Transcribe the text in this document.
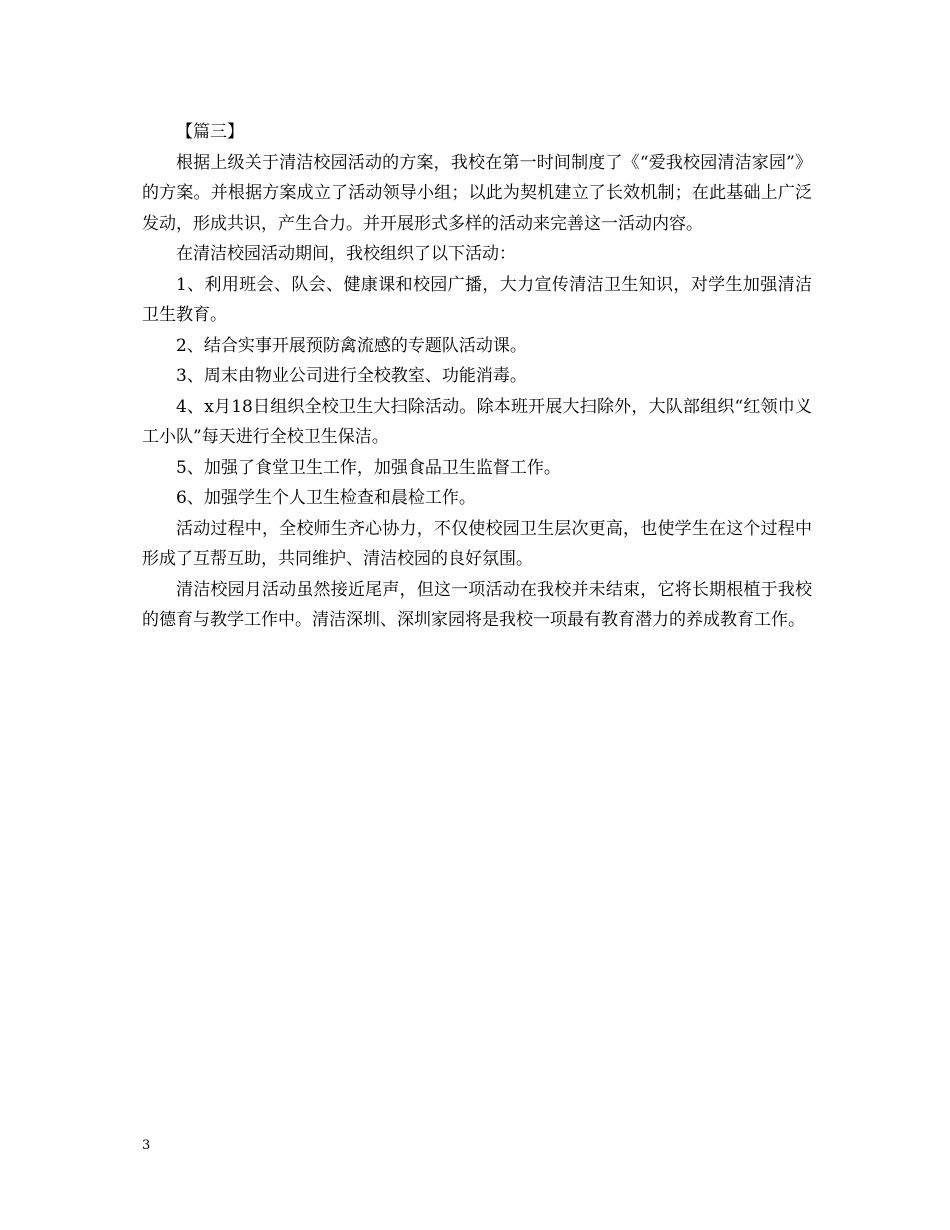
【篇三】

根据上级关于清洁校园活动的方案，我校在第一时间制度了《“爱我校园清洁家园”》的方案。并根据方案成立了活动领导小组；以此为契机建立了长效机制；在此基础上广泛发动，形成共识，产生合力。并开展形式多样的活动来完善这一活动内容。

在清洁校园活动期间，我校组织了以下活动：

1、利用班会、队会、健康课和校园广播，大力宣传清洁卫生知识，对学生加强清洁卫生教育。

2、结合实事开展预防禽流感的专题队活动课。

3、周末由物业公司进行全校教室、功能消毒。

4、x月18日组织全校卫生大扫除活动。除本班开展大扫除外，大队部组织“红领巾义工小队”每天进行全校卫生保洁。

5、加强了食堂卫生工作，加强食品卫生监督工作。

6、加强学生个人卫生检查和晨检工作。

活动过程中，全校师生齐心协力，不仅使校园卫生层次更高，也使学生在这个过程中形成了互帮互助，共同维护、清洁校园的良好氛围。

清洁校园月活动虽然接近尾声，但这一项活动在我校并未结束，它将长期根植于我校的德育与教学工作中。清洁深圳、深圳家园将是我校一项最有教育潜力的养成教育工作。

3
